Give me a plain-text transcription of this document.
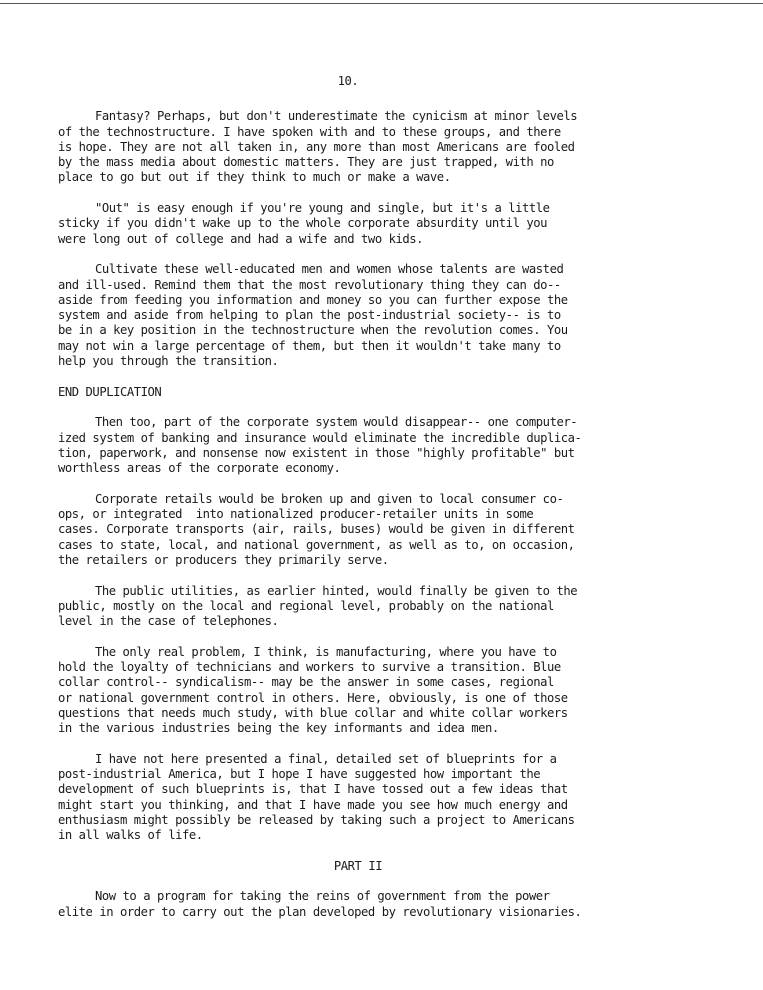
10.
Fantasy? Perhaps, but don't underestimate the cynicism at minor levels
of the technostructure. I have spoken with and to these groups, and there
is hope. They are not all taken in, any more than most Americans are fooled
by the mass media about domestic matters. They are just trapped, with no
place to go but out if they think to much or make a wave.
"Out" is easy enough if you're young and single, but it's a little
sticky if you didn't wake up to the whole corporate absurdity until you
were long out of college and had a wife and two kids.
Cultivate these well-educated men and women whose talents are wasted
and ill-used. Remind them that the most revolutionary thing they can do--
aside from feeding you information and money so you can further expose the
system and aside from helping to plan the post-industrial society-- is to
be in a key position in the technostructure when the revolution comes. You
may not win a large percentage of them, but then it wouldn't take many to
help you through the transition.
END DUPLICATION
Then too, part of the corporate system would disappear-- one computer-
ized system of banking and insurance would eliminate the incredible duplica-
tion, paperwork, and nonsense now existent in those "highly profitable" but
worthless areas of the corporate economy.
Corporate retails would be broken up and given to local consumer co-
ops, or integrated  into nationalized producer-retailer units in some
cases. Corporate transports (air, rails, buses) would be given in different
cases to state, local, and national government, as well as to, on occasion,
the retailers or producers they primarily serve.
The public utilities, as earlier hinted, would finally be given to the
public, mostly on the local and regional level, probably on the national
level in the case of telephones.
The only real problem, I think, is manufacturing, where you have to
hold the loyalty of technicians and workers to survive a transition. Blue
collar control-- syndicalism-- may be the answer in some cases, regional
or national government control in others. Here, obviously, is one of those
questions that needs much study, with blue collar and white collar workers
in the various industries being the key informants and idea men.
I have not here presented a final, detailed set of blueprints for a
post-industrial America, but I hope I have suggested how important the
development of such blueprints is, that I have tossed out a few ideas that
might start you thinking, and that I have made you see how much energy and
enthusiasm might possibly be released by taking such a project to Americans
in all walks of life.
PART II
Now to a program for taking the reins of government from the power
elite in order to carry out the plan developed by revolutionary visionaries.
